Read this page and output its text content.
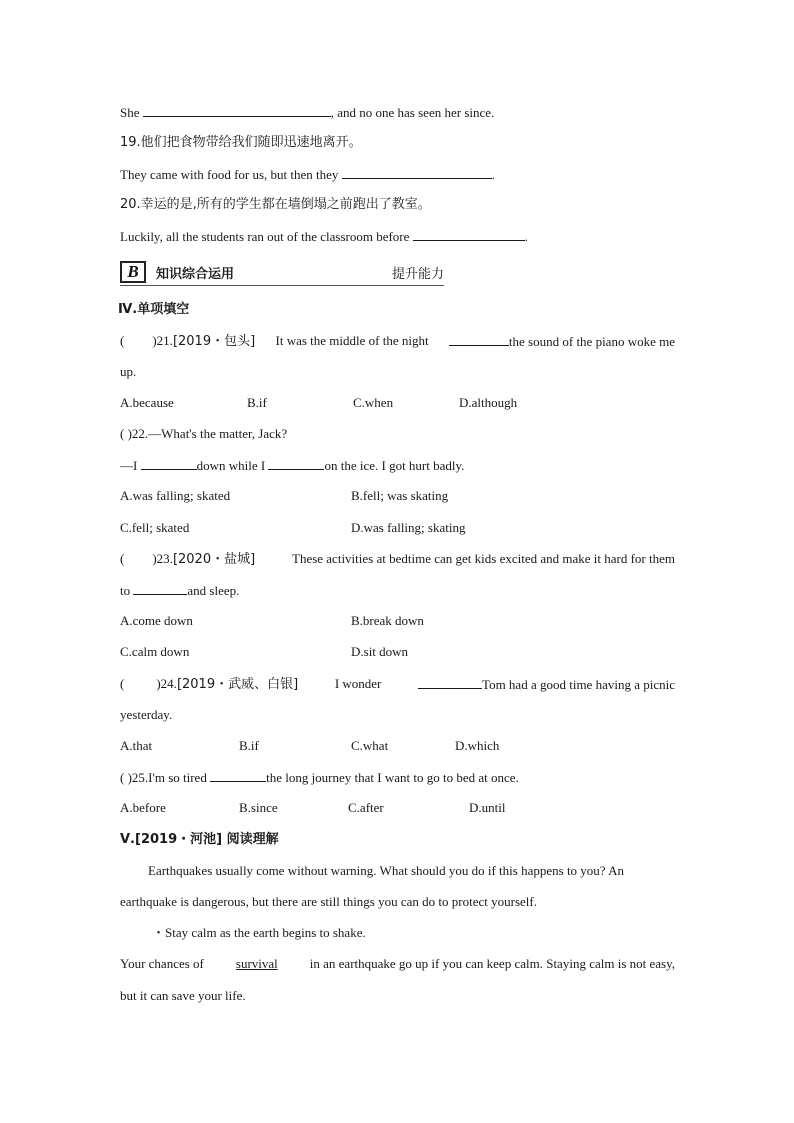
She	, and no one has seen her since.
19.他们把食物带给我们随即迅速地离开。
They came with food for us, but then they	.
20.幸运的是,所有的学生都在墙倒塌之前跑出了教室。
Luckily, all the students ran out of the classroom before	.
B	知识综合运用	提升能力
Ⅳ.单项填空
( )21.[2019・包头] It was the middle of the night	the sound of the piano woke me
up.
A.because	B.if	C.when	D.although
( )22.—What's the matter, Jack?
—I	down while I	on the ice. I got hurt badly.
A.was falling; skated	B.fell; was skating
C.fell; skated	D.was falling; skating
( )23.[2020・盐城]	These activities at bedtime can get kids excited and make it hard for them
to	and sleep.
A.come down	B.break down
C.calm down	D.sit down
( )24.[2019・武威、白银]	I wonder	Tom had a good time having a picnic
yesterday.
A.that	B.if	C.what	D.which
( )25.I'm so tired	the long journey that I want to go to bed at once.
A.before	B.since	C.after	D.until
Ⅴ.[2019・河池] 阅读理解
Earthquakes usually come without warning. What should you do if this happens to you? An
earthquake is dangerous, but there are still things you can do to protect yourself.
・Stay calm as the earth begins to shake.
Your chances of survival in an earthquake go up if you can keep calm. Staying calm is not easy,
but it can save your life.
